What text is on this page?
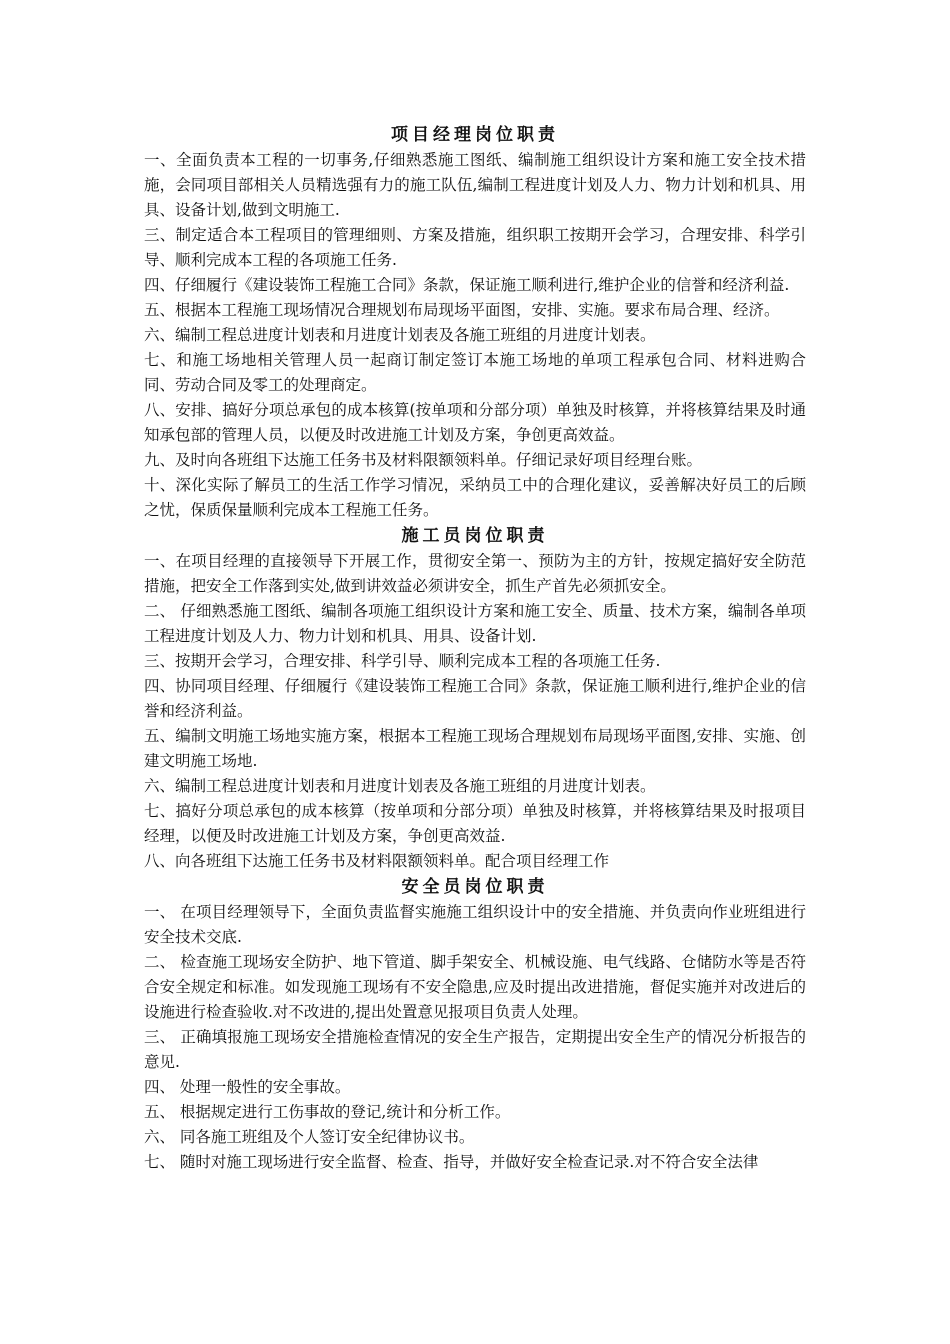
项目经理岗位职责

一、全面负责本工程的一切事务,仔细熟悉施工图纸、编制施工组织设计方案和施工安全技术措施，会同项目部相关人员精选强有力的施工队伍,编制工程进度计划及人力、物力计划和机具、用具、设备计划,做到文明施工.

三、制定适合本工程项目的管理细则、方案及措施，组织职工按期开会学习，合理安排、科学引导、顺利完成本工程的各项施工任务.

四、仔细履行《建设装饰工程施工合同》条款，保证施工顺利进行,维护企业的信誉和经济利益.

五、根据本工程施工现场情况合理规划布局现场平面图，安排、实施。要求布局合理、经济。

六、编制工程总进度计划表和月进度计划表及各施工班组的月进度计划表。

七、和施工场地相关管理人员一起商订制定签订本施工场地的单项工程承包合同、材料进购合同、劳动合同及零工的处理商定。

八、安排、搞好分项总承包的成本核算(按单项和分部分项）单独及时核算，并将核算结果及时通知承包部的管理人员，以便及时改进施工计划及方案，争创更高效益。

九、及时向各班组下达施工任务书及材料限额领料单。仔细记录好项目经理台账。

十、深化实际了解员工的生活工作学习情况，采纳员工中的合理化建议，妥善解决好员工的后顾之忧，保质保量顺利完成本工程施工任务。

施工员岗位职责

一、在项目经理的直接领导下开展工作，贯彻安全第一、预防为主的方针，按规定搞好安全防范措施，把安全工作落到实处,做到讲效益必须讲安全，抓生产首先必须抓安全。

二、 仔细熟悉施工图纸、编制各项施工组织设计方案和施工安全、质量、技术方案，编制各单项工程进度计划及人力、物力计划和机具、用具、设备计划.

三、按期开会学习，合理安排、科学引导、顺利完成本工程的各项施工任务.

四、协同项目经理、仔细履行《建设装饰工程施工合同》条款，保证施工顺利进行,维护企业的信誉和经济利益。

五、编制文明施工场地实施方案，根据本工程施工现场合理规划布局现场平面图,安排、实施、创建文明施工场地.

六、编制工程总进度计划表和月进度计划表及各施工班组的月进度计划表。

七、搞好分项总承包的成本核算（按单项和分部分项）单独及时核算，并将核算结果及时报项目经理，以便及时改进施工计划及方案，争创更高效益.

八、向各班组下达施工任务书及材料限额领料单。配合项目经理工作

安全员岗位职责

一、 在项目经理领导下，全面负责监督实施施工组织设计中的安全措施、并负责向作业班组进行安全技术交底.

二、 检查施工现场安全防护、地下管道、脚手架安全、机械设施、电气线路、仓储防水等是否符合安全规定和标准。如发现施工现场有不安全隐患,应及时提出改进措施，督促实施并对改进后的设施进行检查验收.对不改进的,提出处置意见报项目负责人处理。

三、 正确填报施工现场安全措施检查情况的安全生产报告，定期提出安全生产的情况分析报告的意见.

四、 处理一般性的安全事故。

五、 根据规定进行工伤事故的登记,统计和分析工作。

六、 同各施工班组及个人签订安全纪律协议书。

七、 随时对施工现场进行安全监督、检查、指导，并做好安全检查记录.对不符合安全法律
